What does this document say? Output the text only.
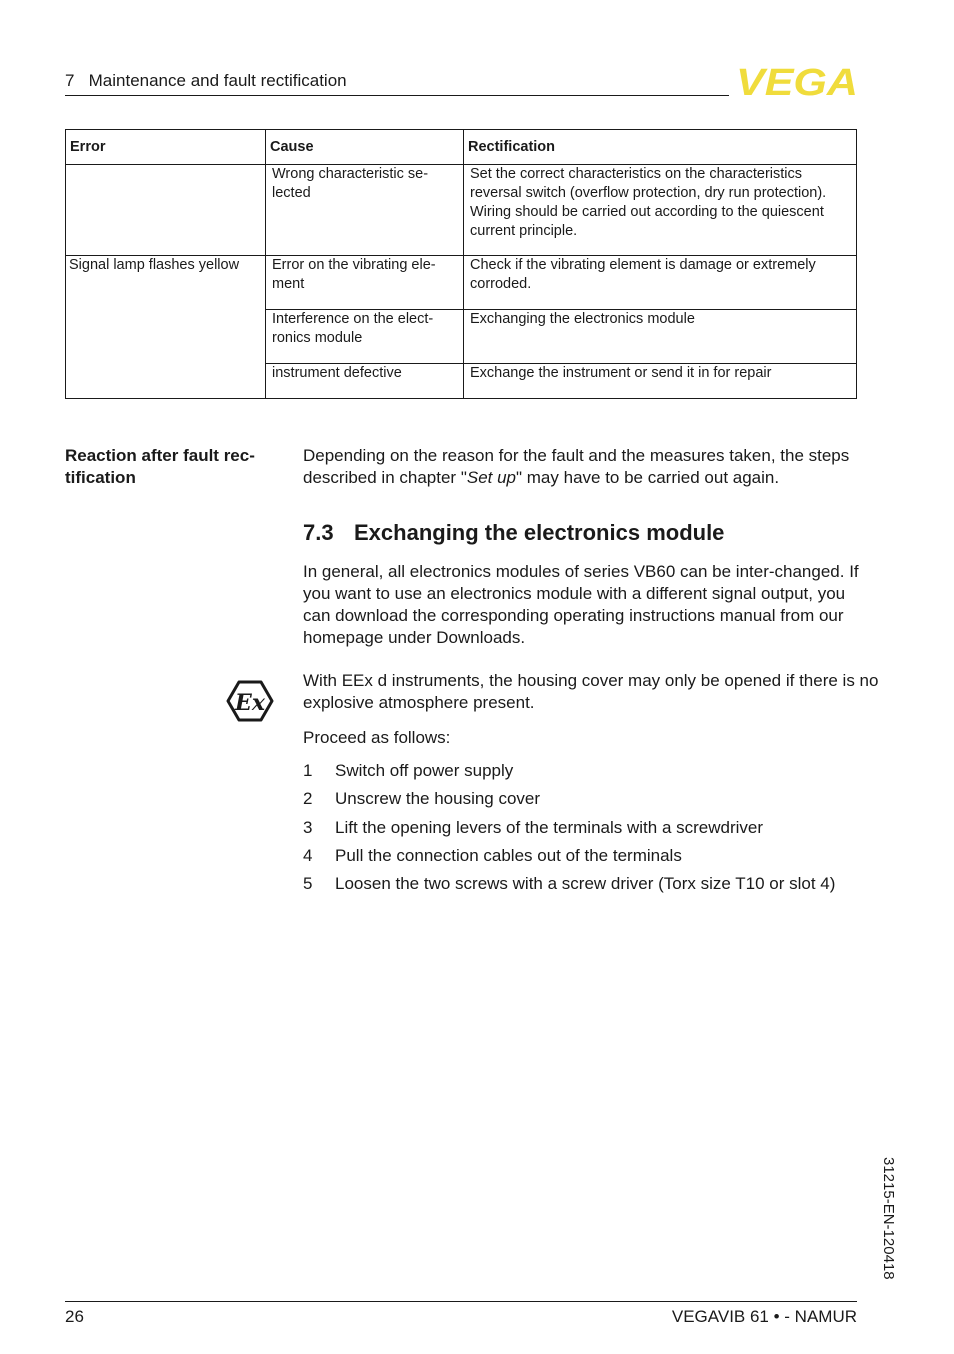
7   Maintenance and fault rectification	VEGA
Error	Cause	Rectification
	Wrong characteristic se-lected	Set the correct characteristics on the characteristics reversal switch (overflow protection, dry run protection). Wiring should be carried out according to the quiescent current principle.
Signal lamp flashes yellow	Error on the vibrating ele-ment	Check if the vibrating element is damage or extremely corroded.
	Interference on the elect-ronics module	Exchanging the electronics module
	instrument defective	Exchange the instrument or send it in for repair
Reaction after fault rec-tification
Depending on the reason for the fault and the measures taken, the steps described in chapter "Set up" may have to be carried out again.
7.3 Exchanging the electronics module
In general, all electronics modules of series VB60 can be inter-changed. If you want to use an electronics module with a different signal output, you can download the corresponding operating instructions manual from our homepage under Downloads.
Ex
With EEx d instruments, the housing cover may only be opened if there is no explosive atmosphere present.
Proceed as follows:
1 Switch off power supply
2 Unscrew the housing cover
3 Lift the opening levers of the terminals with a screwdriver
4 Pull the connection cables out of the terminals
5 Loosen the two screws with a screw driver (Torx size T10 or slot 4)
31215-EN-120418
26	VEGAVIB 61 • - NAMUR
